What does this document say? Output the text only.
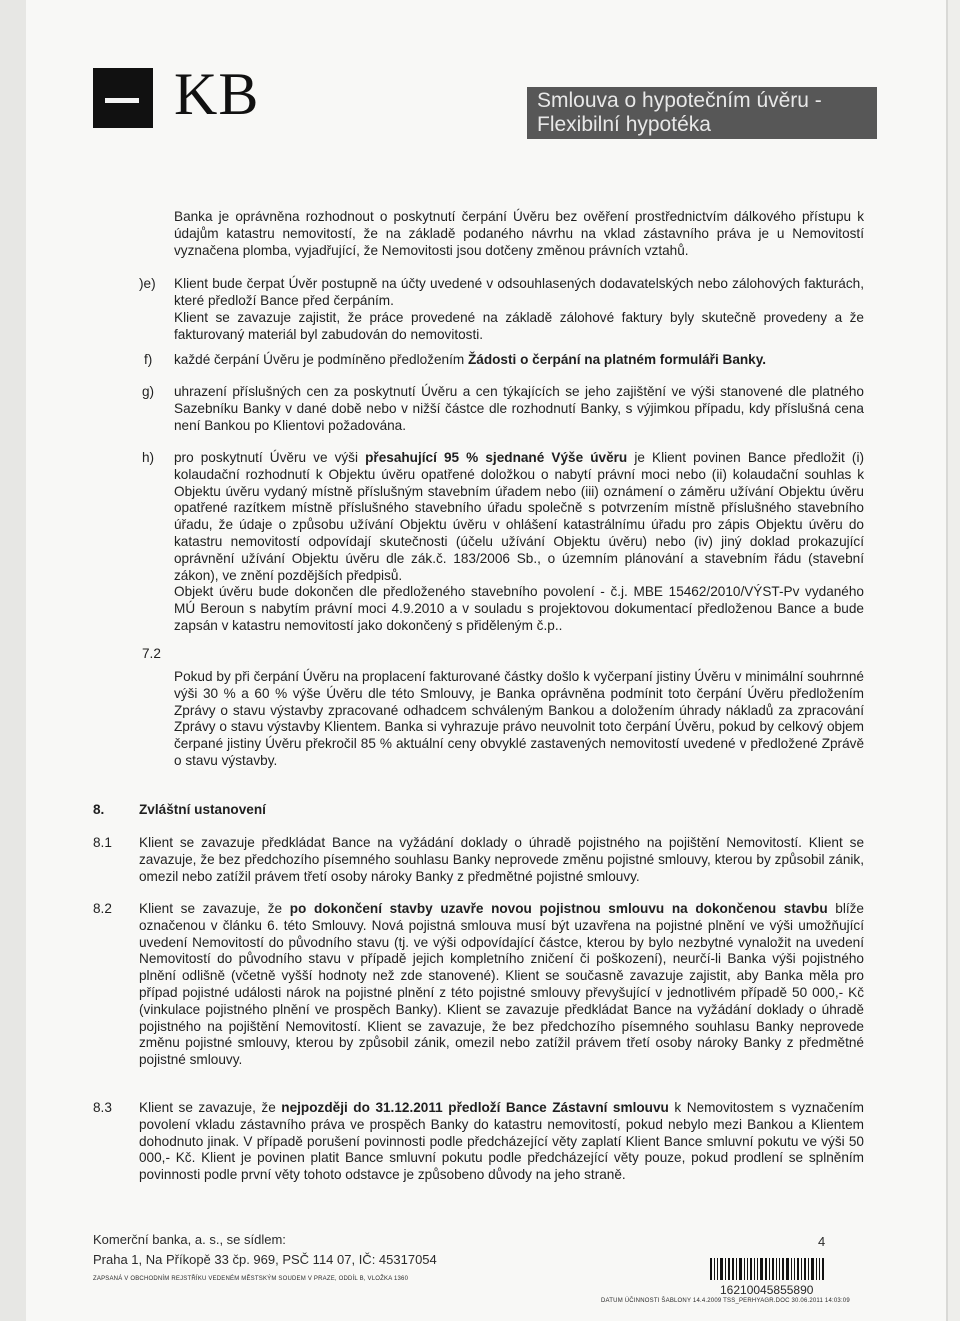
KB	Smlouva o hypotečním úvěru -
Flexibilní hypotéka
Banka je oprávněna rozhodnout o poskytnutí čerpání Úvěru bez ověření prostřednictvím dálkového přístupu k údajům katastru nemovitostí, že na základě podaného návrhu na vklad zástavního práva je u Nemovitostí vyznačena plomba, vyjadřující, že Nemovitosti jsou dotčeny změnou právních vztahů.
)e) Klient bude čerpat Úvěr postupně na účty uvedené v odsouhlasených dodavatelských nebo zálohových fakturách, které předloží Bance před čerpáním.
Klient se zavazuje zajistit, že práce provedené na základě zálohové faktury byly skutečně provedeny a že fakturovaný materiál byl zabudován do nemovitosti.
f) každé čerpání Úvěru je podmíněno předložením Žádosti o čerpání na platném formuláři Banky.
g) uhrazení příslušných cen za poskytnutí Úvěru a cen týkajících se jeho zajištění ve výši stanovené dle platného Sazebníku Banky v dané době nebo v nižší částce dle rozhodnutí Banky, s výjimkou případu, kdy příslušná cena není Bankou po Klientovi požadována.
h) pro poskytnutí Úvěru ve výši přesahující 95 % sjednané Výše úvěru je Klient povinen Bance předložit (i) kolaudační rozhodnutí k Objektu úvěru opatřené doložkou o nabytí právní moci nebo (ii) kolaudační souhlas k Objektu úvěru vydaný místně příslušným stavebním úřadem nebo (iii) oznámení o záměru užívání Objektu úvěru opatřené razítkem místně příslušného stavebního úřadu společně s potvrzením místně příslušného stavebního úřadu, že údaje o způsobu užívání Objektu úvěru v ohlášení katastrálnímu úřadu pro zápis Objektu úvěru do katastru nemovitostí odpovídají skutečnosti (účelu užívání Objektu úvěru) nebo (iv) jiný doklad prokazující oprávnění užívání Objektu úvěru dle zák.č. 183/2006 Sb., o územním plánování a stavebním řádu (stavební zákon), ve znění pozdějších předpisů.
Objekt úvěru bude dokončen dle předloženého stavebního povolení - č.j. MBE 15462/2010/VÝST-Pv vydaného MÚ Beroun s nabytím právní moci 4.9.2010 a v souladu s projektovou dokumentací předloženou Bance a bude zapsán v katastru nemovitostí jako dokončený s přiděleným č.p..
7.2
Pokud by při čerpání Úvěru na proplacení fakturované částky došlo k vyčerpaní jistiny Úvěru v minimální souhrnné výši 30 % a 60 % výše Úvěru dle této Smlouvy, je Banka oprávněna podmínit toto čerpání Úvěru předložením Zprávy o stavu výstavby zpracované odhadcem schváleným Bankou a doložením úhrady nákladů za zpracování Zprávy o stavu výstavby Klientem. Banka si vyhrazuje právo neuvolnit toto čerpání Úvěru, pokud by celkový objem čerpané jistiny Úvěru překročil 85 % aktuální ceny obvyklé zastavených nemovitostí uvedené v předložené Zprávě o stavu výstavby.
8.	Zvláštní ustanovení
8.1 Klient se zavazuje předkládat Bance na vyžádání doklady o úhradě pojistného na pojištění Nemovitostí. Klient se zavazuje, že bez předchozího písemného souhlasu Banky neprovede změnu pojistné smlouvy, kterou by způsobil zánik, omezil nebo zatížil právem třetí osoby nároky Banky z předmětné pojistné smlouvy.
8.2 Klient se zavazuje, že po dokončení stavby uzavře novou pojistnou smlouvu na dokončenou stavbu blíže označenou v článku 6. této Smlouvy. Nová pojistná smlouva musí být uzavřena na pojistné plnění ve výši umožňující uvedení Nemovitostí do původního stavu (tj. ve výši odpovídající částce, kterou by bylo nezbytné vynaložit na uvedení Nemovitostí do původního stavu v případě jejich kompletního zničení či poškození), neurčí-li Banka výši pojistného plnění odlišně (včetně vyšší hodnoty než zde stanovené). Klient se současně zavazuje zajistit, aby Banka měla pro případ pojistné události nárok na pojistné plnění z této pojistné smlouvy převyšující v jednotlivém případě 50 000,- Kč (vinkulace pojistného plnění ve prospěch Banky). Klient se zavazuje předkládat Bance na vyžádání doklady o úhradě pojistného na pojištění Nemovitostí. Klient se zavazuje, že bez předchozího písemného souhlasu Banky neprovede změnu pojistné smlouvy, kterou by způsobil zánik, omezil nebo zatížil právem třetí osoby nároky Banky z předmětné pojistné smlouvy.
8.3 Klient se zavazuje, že nejpozději do 31.12.2011 předloží Bance Zástavní smlouvu k Nemovitostem s vyznačením povolení vkladu zástavního práva ve prospěch Banky do katastru nemovitostí, pokud nebylo mezi Bankou a Klientem dohodnuto jinak. V případě porušení povinnosti podle předcházející věty zaplatí Klient Bance smluvní pokutu ve výši 50 000,- Kč. Klient je povinen platit Bance smluvní pokutu podle předcházející věty pouze, pokud prodlení se splněním povinnosti podle první věty tohoto odstavce je způsobeno důvody na jeho straně.
Komerční banka, a. s., se sídlem:
Praha 1, Na Příkopě 33 čp. 969, PSČ 114 07, IČ: 45317054
ZAPSANÁ V OBCHODNÍM REJSTŘÍKU VEDENÉM MĚSTSKÝM SOUDEM V PRAZE, ODDÍL B, VLOŽKA 1360
4
16210045855890
DATUM ÚČINNOSTI ŠABLONY 14.4.2009 TSS_PERHYAGR.DOC 30.06.2011 14:03:09
